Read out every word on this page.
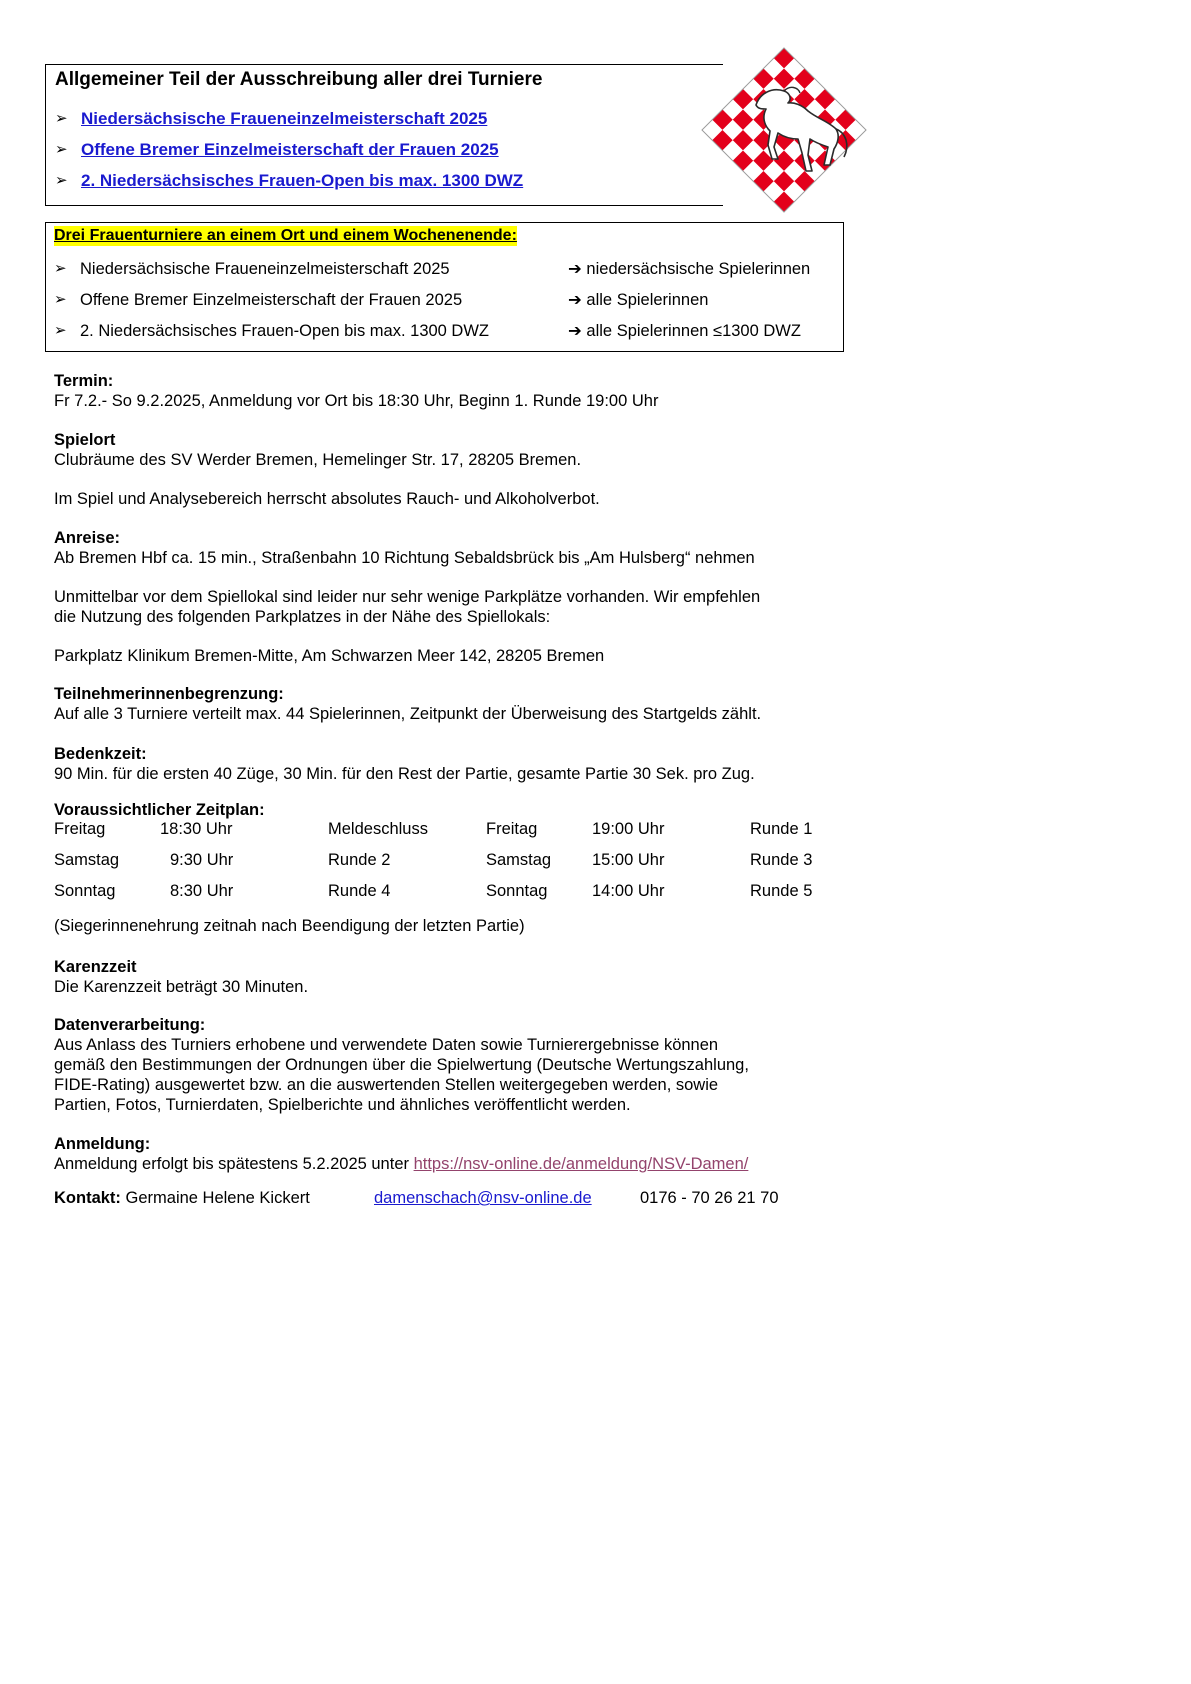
Allgemeiner Teil der Ausschreibung aller drei Turniere
➢ Niedersächsische Fraueneinzelmeisterschaft 2025
➢ Offene Bremer Einzelmeisterschaft der Frauen 2025
➢ 2. Niedersächsisches Frauen-Open bis max. 1300 DWZ
Drei Frauenturniere an einem Ort und einem Wochenenende:
➢ Niedersächsische Fraueneinzelmeisterschaft 2025	➔ niedersächsische Spielerinnen
➢ Offene Bremer Einzelmeisterschaft der Frauen 2025	➔ alle Spielerinnen
➢ 2. Niedersächsisches Frauen-Open bis max. 1300 DWZ	➔ alle Spielerinnen ≤1300 DWZ
Termin:
Fr 7.2.- So 9.2.2025, Anmeldung vor Ort bis 18:30 Uhr, Beginn 1. Runde 19:00 Uhr
Spielort
Clubräume des SV Werder Bremen, Hemelinger Str. 17, 28205 Bremen.
Im Spiel und Analysebereich herrscht absolutes Rauch- und Alkoholverbot.
Anreise:
Ab Bremen Hbf ca. 15 min., Straßenbahn 10 Richtung Sebaldsbrück bis „Am Hulsberg“ nehmen
Unmittelbar vor dem Spiellokal sind leider nur sehr wenige Parkplätze vorhanden. Wir empfehlen
die Nutzung des folgenden Parkplatzes in der Nähe des Spiellokals:
Parkplatz Klinikum Bremen-Mitte, Am Schwarzen Meer 142, 28205 Bremen
Teilnehmerinnenbegrenzung:
Auf alle 3 Turniere verteilt max. 44 Spielerinnen, Zeitpunkt der Überweisung des Startgelds zählt.
Bedenkzeit:
90 Min. für die ersten 40 Züge, 30 Min. für den Rest der Partie, gesamte Partie 30 Sek. pro Zug.
Voraussichtlicher Zeitplan:
Freitag	18:30 Uhr	Meldeschluss	Freitag	19:00 Uhr	Runde 1
Samstag	9:30 Uhr	Runde 2	Samstag	15:00 Uhr	Runde 3
Sonntag	8:30 Uhr	Runde 4	Sonntag	14:00 Uhr	Runde 5
(Siegerinnenehrung zeitnah nach Beendigung der letzten Partie)
Karenzzeit
Die Karenzzeit beträgt 30 Minuten.
Datenverarbeitung:
Aus Anlass des Turniers erhobene und verwendete Daten sowie Turnierergebnisse können
gemäß den Bestimmungen der Ordnungen über die Spielwertung (Deutsche Wertungszahlung,
FIDE-Rating) ausgewertet bzw. an die auswertenden Stellen weitergegeben werden, sowie
Partien, Fotos, Turnierdaten, Spielberichte und ähnliches veröffentlicht werden.
Anmeldung:
Anmeldung erfolgt bis spätestens 5.2.2025 unter https://nsv-online.de/anmeldung/NSV-Damen/
Kontakt: Germaine Helene Kickert	damenschach@nsv-online.de	0176 - 70 26 21 70
